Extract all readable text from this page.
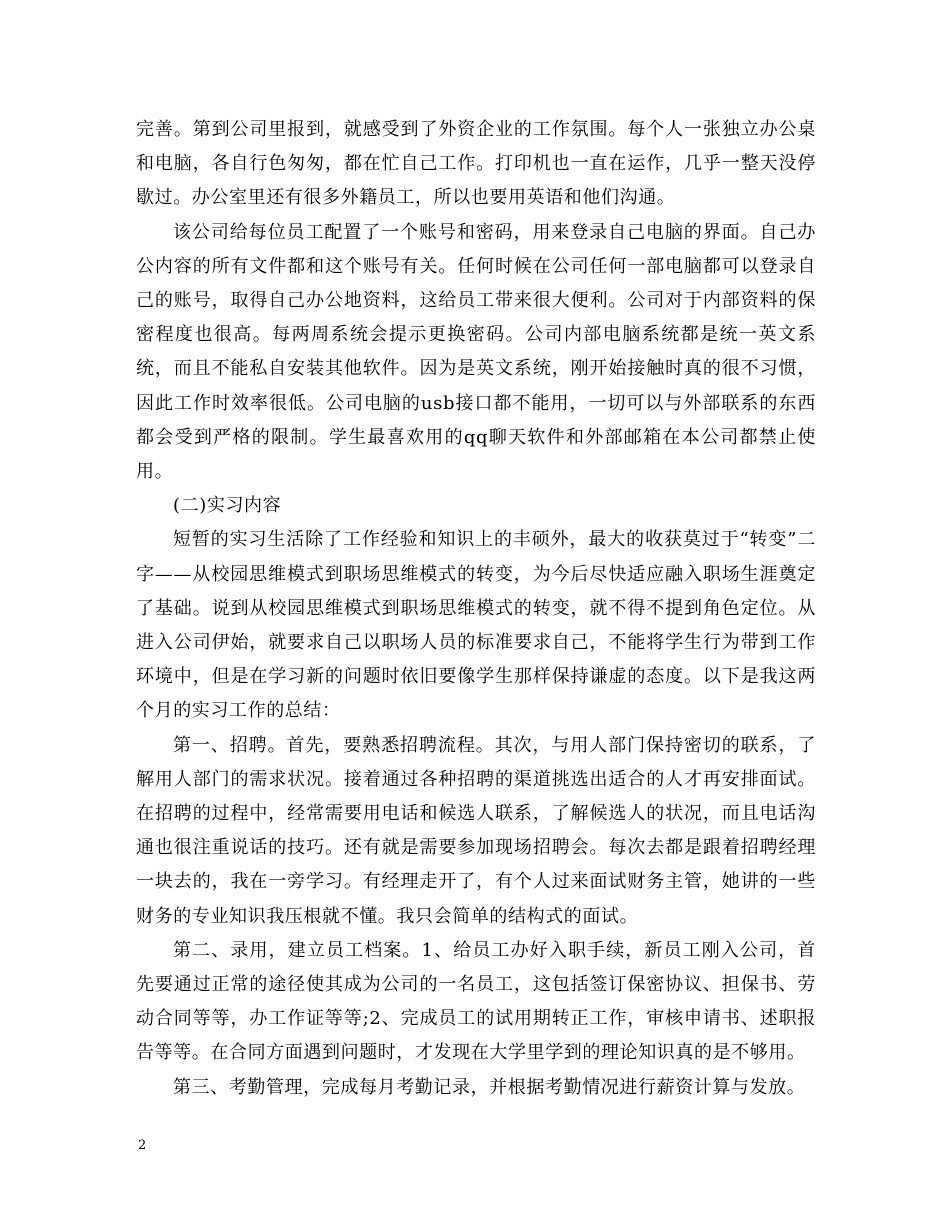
完善。第到公司里报到，就感受到了外资企业的工作氛围。每个人一张独立办公桌和电脑，各自行色匆匆，都在忙自己工作。打印机也一直在运作，几乎一整天没停歇过。办公室里还有很多外籍员工，所以也要用英语和他们沟通。

该公司给每位员工配置了一个账号和密码，用来登录自己电脑的界面。自己办公内容的所有文件都和这个账号有关。任何时候在公司任何一部电脑都可以登录自己的账号，取得自己办公地资料，这给员工带来很大便利。公司对于内部资料的保密程度也很高。每两周系统会提示更换密码。公司内部电脑系统都是统一英文系统，而且不能私自安装其他软件。因为是英文系统，刚开始接触时真的很不习惯，因此工作时效率很低。公司电脑的usb接口都不能用，一切可以与外部联系的东西都会受到严格的限制。学生最喜欢用的qq聊天软件和外部邮箱在本公司都禁止使用。

(二)实习内容

短暂的实习生活除了工作经验和知识上的丰硕外，最大的收获莫过于“转变”二字——从校园思维模式到职场思维模式的转变，为今后尽快适应融入职场生涯奠定了基础。说到从校园思维模式到职场思维模式的转变，就不得不提到角色定位。从进入公司伊始，就要求自己以职场人员的标准要求自己，不能将学生行为带到工作环境中，但是在学习新的问题时依旧要像学生那样保持谦虚的态度。以下是我这两个月的实习工作的总结：

第一、招聘。首先，要熟悉招聘流程。其次，与用人部门保持密切的联系，了解用人部门的需求状况。接着通过各种招聘的渠道挑选出适合的人才再安排面试。在招聘的过程中，经常需要用电话和候选人联系，了解候选人的状况，而且电话沟通也很注重说话的技巧。还有就是需要参加现场招聘会。每次去都是跟着招聘经理一块去的，我在一旁学习。有经理走开了，有个人过来面试财务主管，她讲的一些财务的专业知识我压根就不懂。我只会简单的结构式的面试。

第二、录用，建立员工档案。1、给员工办好入职手续，新员工刚入公司，首先要通过正常的途径使其成为公司的一名员工，这包括签订保密协议、担保书、劳动合同等等，办工作证等等;2、完成员工的试用期转正工作，审核申请书、述职报告等等。在合同方面遇到问题时，才发现在大学里学到的理论知识真的是不够用。

第三、考勤管理，完成每月考勤记录，并根据考勤情况进行薪资计算与发放。

2
